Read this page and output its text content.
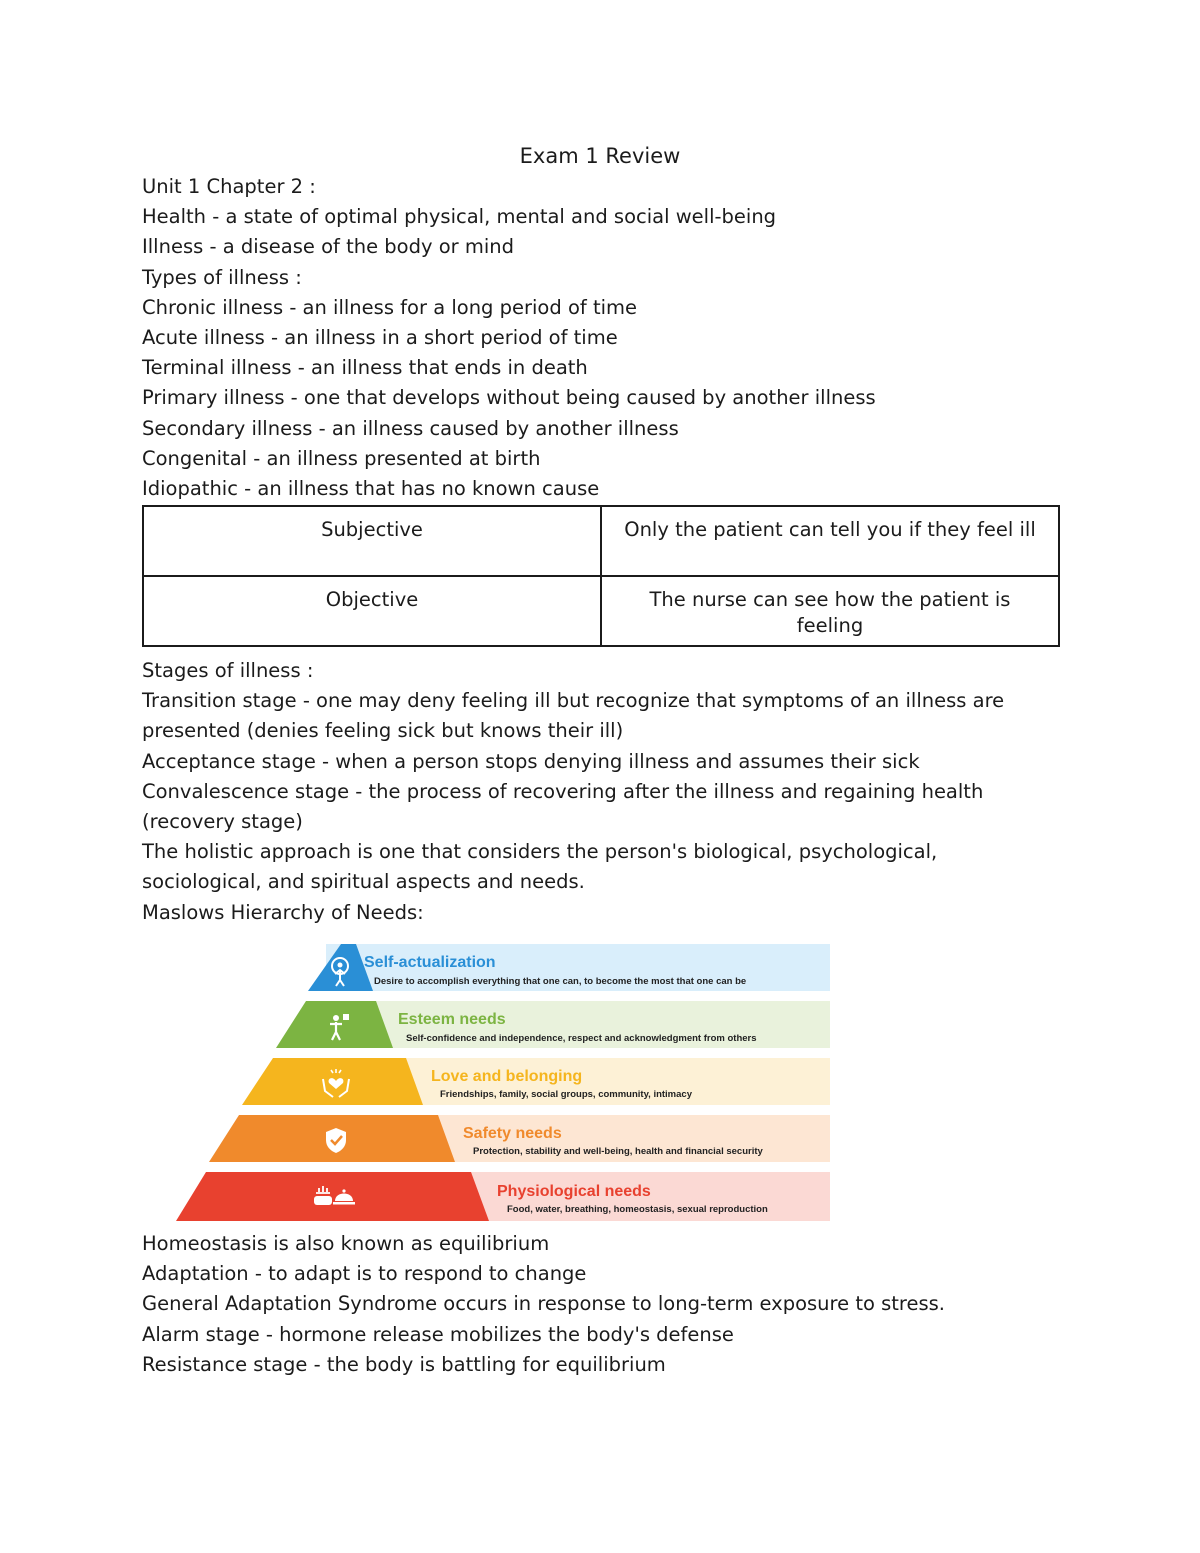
Exam 1 Review
Unit 1 Chapter 2 :
Health - a state of optimal physical, mental and social well-being
Illness - a disease of the body or mind
Types of illness :
Chronic illness - an illness for a long period of time
Acute illness - an illness in a short period of time
Terminal illness - an illness that ends in death
Primary illness - one that develops without being caused by another illness
Secondary illness - an illness caused by another illness
Congenital - an illness presented at birth
Idiopathic - an illness that has no known cause
Subjective	Only the patient can tell you if they feel ill
Objective	The nurse can see how the patient is feeling
Stages of illness :
Transition stage - one may deny feeling ill but recognize that symptoms of an illness are presented (denies feeling sick but knows their ill)
Acceptance stage - when a person stops denying illness and assumes their sick
Convalescence stage - the process of recovering after the illness and regaining health (recovery stage)
The holistic approach is one that considers the person's biological, psychological, sociological, and spiritual aspects and needs.
Maslows Hierarchy of Needs:
Self-actualization
Desire to accomplish everything that one can, to become the most that one can be
Esteem needs
Self-confidence and independence, respect and acknowledgment from others
Love and belonging
Friendships, family, social groups, community, intimacy
Safety needs
Protection, stability and well-being, health and financial security
Physiological needs
Food, water, breathing, homeostasis, sexual reproduction
Homeostasis is also known as equilibrium
Adaptation - to adapt is to respond to change
General Adaptation Syndrome occurs in response to long-term exposure to stress.
Alarm stage - hormone release mobilizes the body's defense
Resistance stage - the body is battling for equilibrium
